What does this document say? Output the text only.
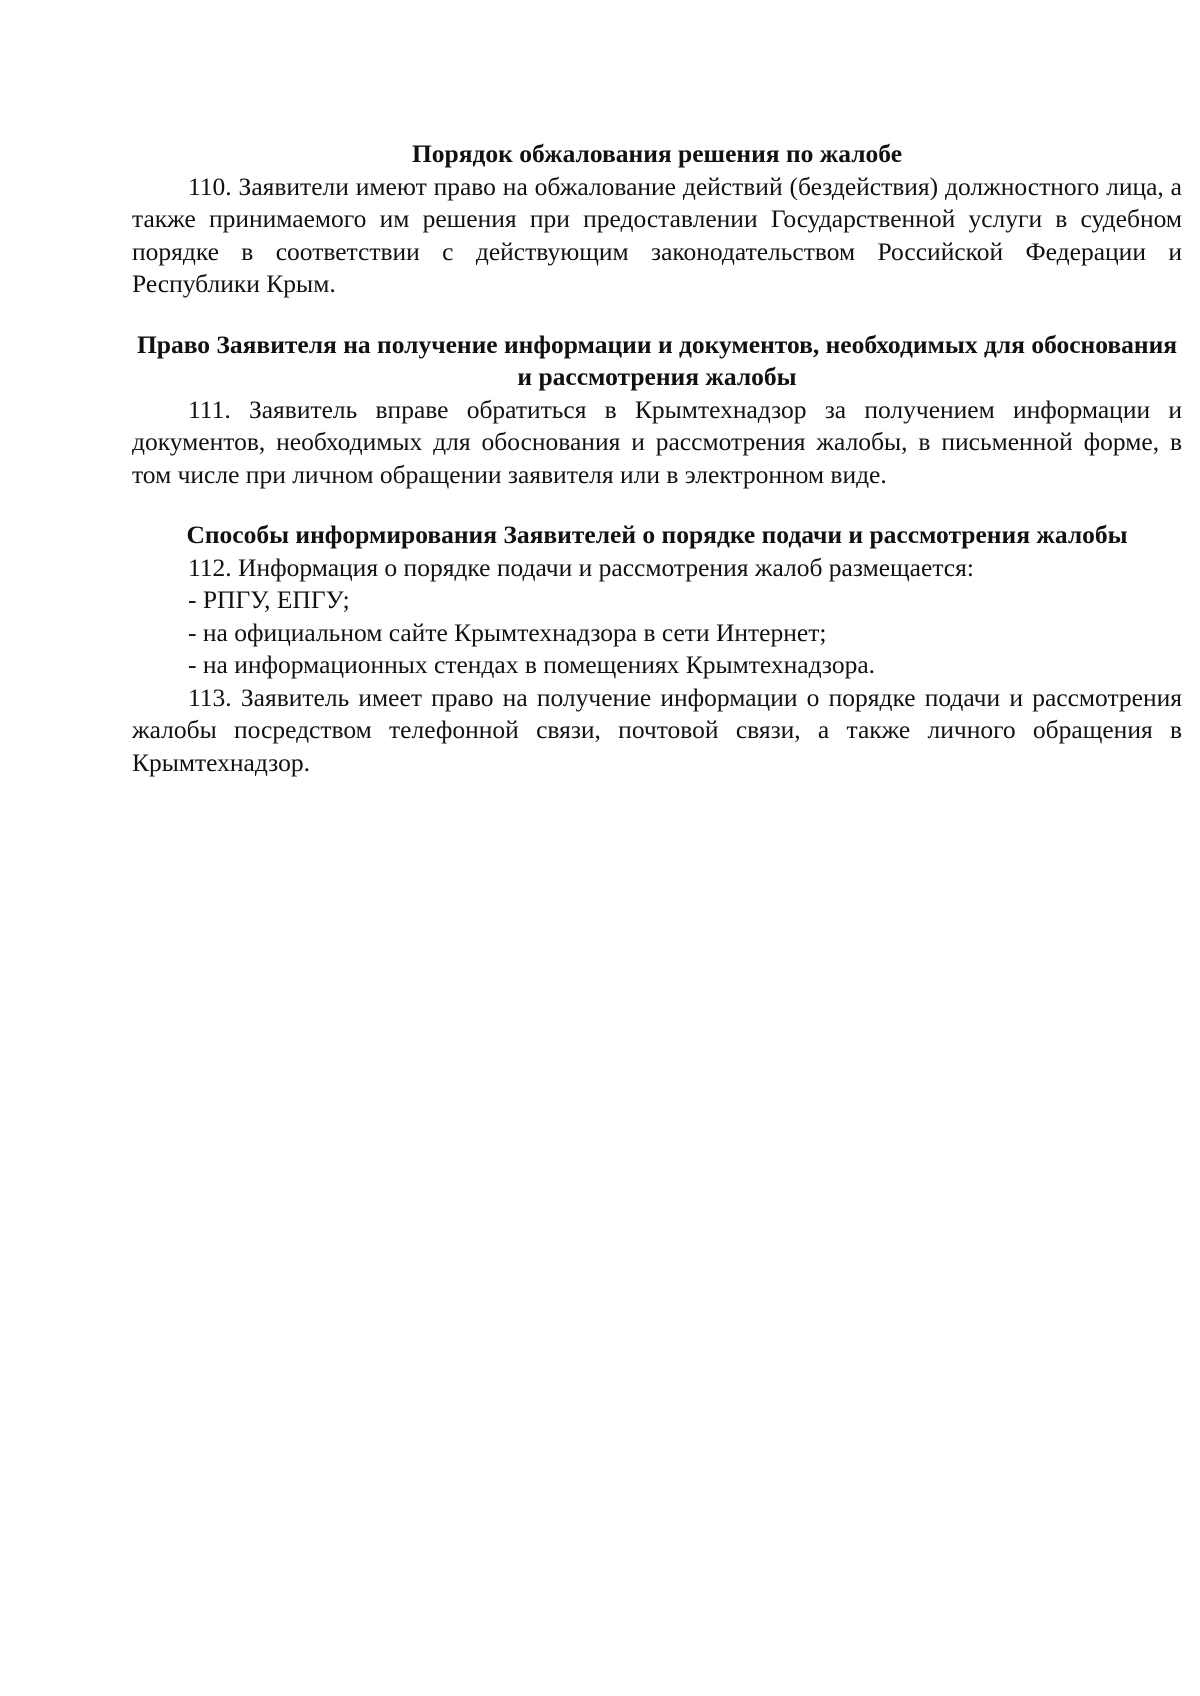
Порядок обжалования решения по жалобе

110. Заявители имеют право на обжалование действий (бездействия) должностного лица, а также принимаемого им решения при предоставлении Государственной услуги в судебном порядке в соответствии с действующим законодательством Российской Федерации и Республики Крым.

Право Заявителя на получение информации и документов, необходимых для обоснования и рассмотрения жалобы

111. Заявитель вправе обратиться в Крымтехнадзор за получением информации и документов, необходимых для обоснования и рассмотрения жалобы, в письменной форме, в том числе при личном обращении заявителя или в электронном виде.

Способы информирования Заявителей о порядке подачи и рассмотрения жалобы

112. Информация о порядке подачи и рассмотрения жалоб размещается:

- РПГУ, ЕПГУ;

- на официальном сайте Крымтехнадзора в сети Интернет;

- на информационных стендах в помещениях Крымтехнадзора.

113. Заявитель имеет право на получение информации о порядке подачи и рассмотрения жалобы посредством телефонной связи, почтовой связи, а также личного обращения в Крымтехнадзор.
